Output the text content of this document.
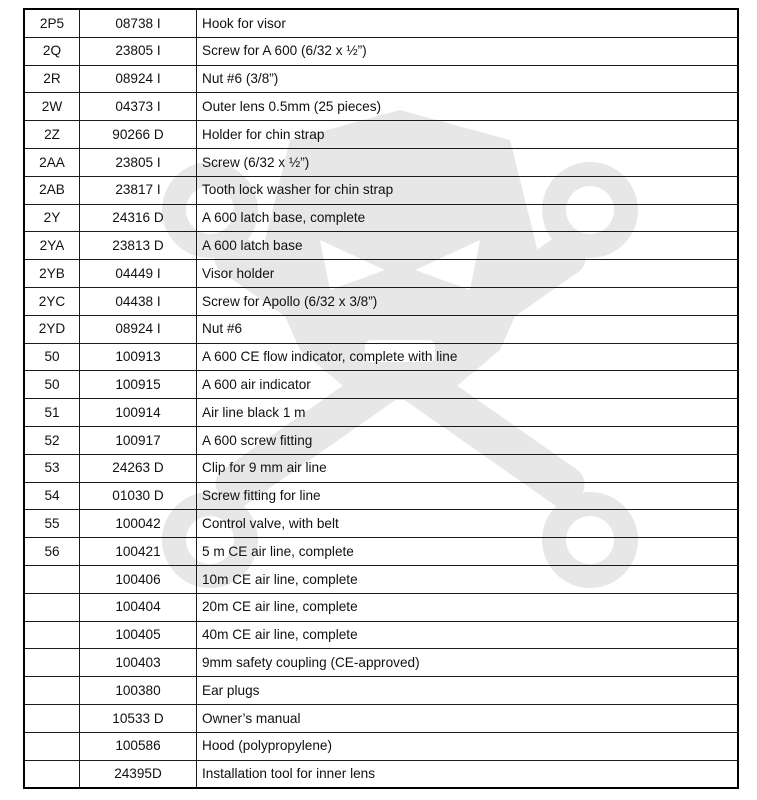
2P5	08738 I	Hook for visor
2Q	23805 I	Screw for A 600 (6/32 x ½”)
2R	08924 I	Nut #6 (3/8”)
2W	04373 I	Outer lens 0.5mm (25 pieces)
2Z	90266 D	Holder for chin strap
2AA	23805 I	Screw (6/32 x ½”)
2AB	23817 I	Tooth lock washer for chin strap
2Y	24316 D	A 600 latch base, complete
2YA	23813 D	A 600 latch base
2YB	04449 I	Visor holder
2YC	04438 I	Screw for Apollo (6/32 x 3/8”)
2YD	08924 I	Nut #6
50	100913	A 600 CE flow indicator, complete with line
50	100915	A 600 air indicator
51	100914	Air line black 1 m
52	100917	A 600 screw fitting
53	24263 D	Clip for 9 mm air line
54	01030 D	Screw fitting for line
55	100042	Control valve, with belt
56	100421	5 m CE air line, complete
	100406	10m CE air line, complete
	100404	20m CE air line, complete
	100405	40m CE air line, complete
	100403	9mm safety coupling (CE-approved)
	100380	Ear plugs
	10533 D	Owner’s manual
	100586	Hood (polypropylene)
	24395D	Installation tool for inner lens
